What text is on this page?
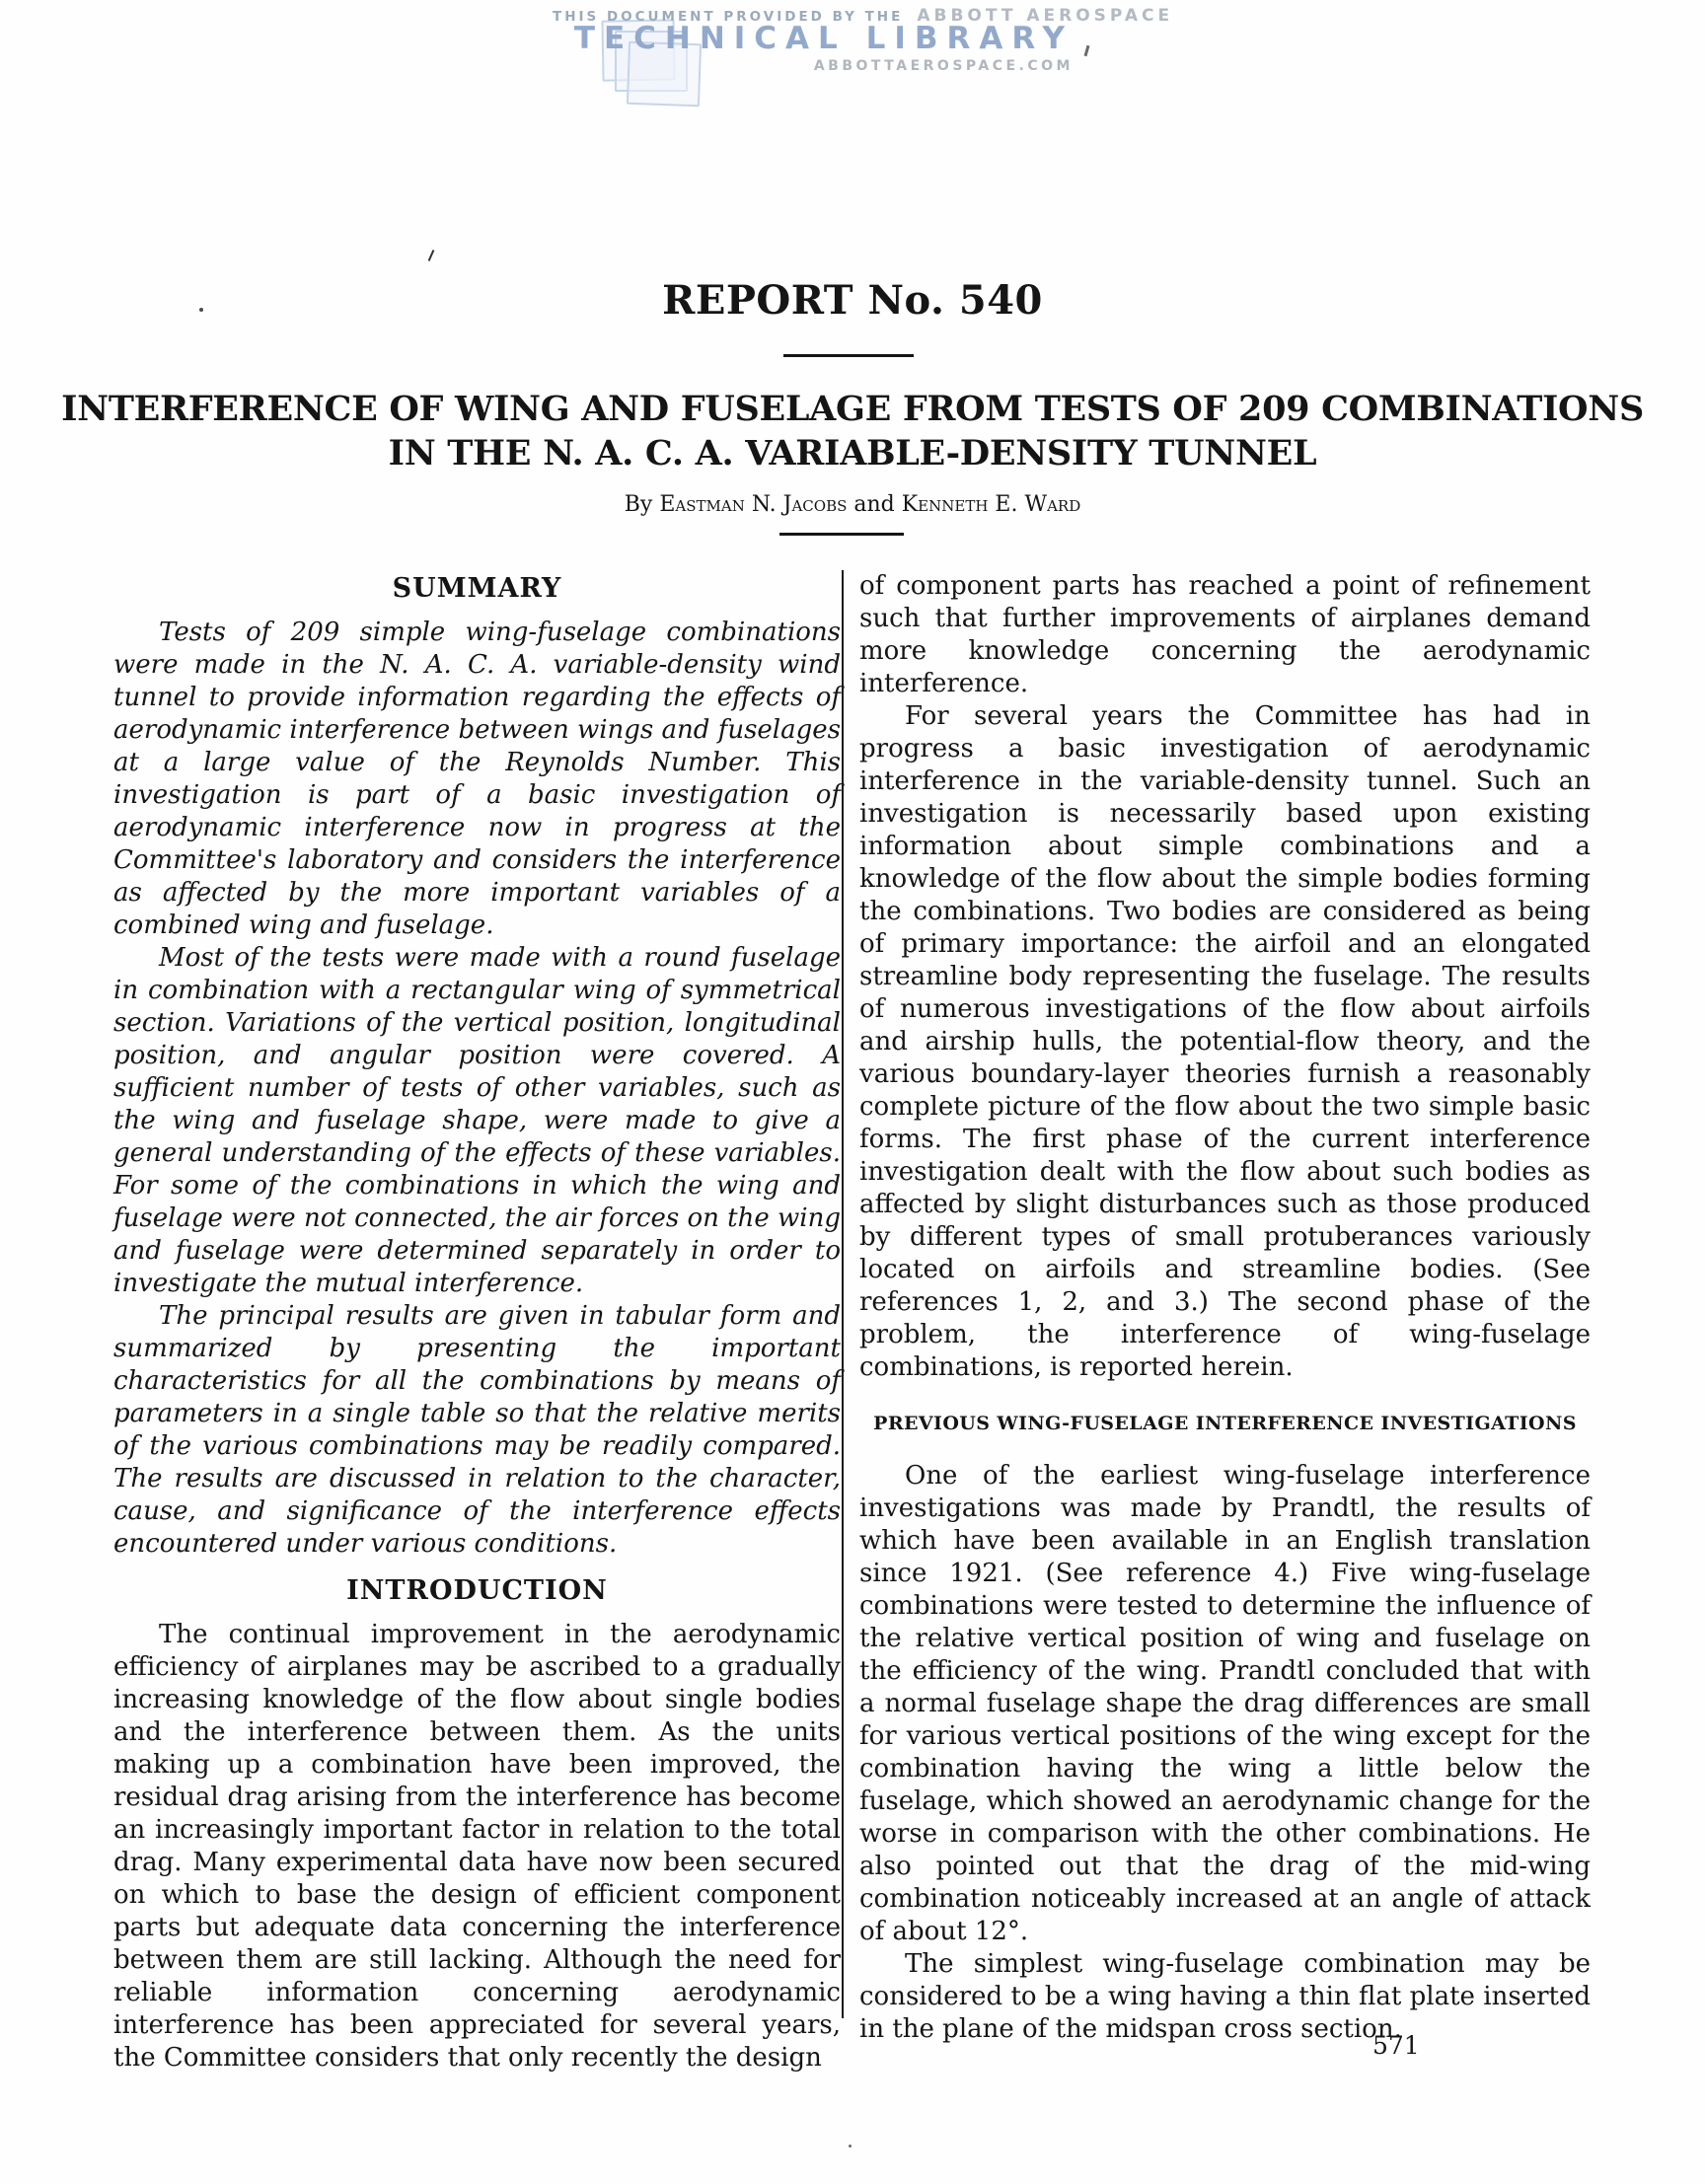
THIS DOCUMENT PROVIDED BY THE ABBOTT AEROSPACE
TECHNICAL LIBRARY
ABBOTTAEROSPACE.COM
REPORT No. 540
INTERFERENCE OF WING AND FUSELAGE FROM TESTS OF 209 COMBINATIONS
IN THE N. A. C. A. VARIABLE-DENSITY TUNNEL
By Eastman N. Jacobs and Kenneth E. Ward
SUMMARY

Tests of 209 simple wing-fuselage combinations were made in the N. A. C. A. variable-density wind tunnel to provide information regarding the effects of aerodynamic interference between wings and fuselages at a large value of the Reynolds Number. This investigation is part of a basic investigation of aerodynamic interference now in progress at the Committee's laboratory and considers the interference as affected by the more important variables of a combined wing and fuselage.

Most of the tests were made with a round fuselage in combination with a rectangular wing of symmetrical section. Variations of the vertical position, longitudinal position, and angular position were covered. A sufficient number of tests of other variables, such as the wing and fuselage shape, were made to give a general understanding of the effects of these variables. For some of the combinations in which the wing and fuselage were not connected, the air forces on the wing and fuselage were determined separately in order to investigate the mutual interference.

The principal results are given in tabular form and summarized by presenting the important characteristics for all the combinations by means of parameters in a single table so that the relative merits of the various combinations may be readily compared. The results are discussed in relation to the character, cause, and significance of the interference effects encountered under various conditions.

INTRODUCTION

The continual improvement in the aerodynamic efficiency of airplanes may be ascribed to a gradually increasing knowledge of the flow about single bodies and the interference between them. As the units making up a combination have been improved, the residual drag arising from the interference has become an increasingly important factor in relation to the total drag. Many experimental data have now been secured on which to base the design of efficient component parts but adequate data concerning the interference between them are still lacking. Although the need for reliable information concerning aerodynamic interference has been appreciated for several years, the Committee considers that only recently the design

of component parts has reached a point of refinement such that further improvements of airplanes demand more knowledge concerning the aerodynamic interference.

For several years the Committee has had in progress a basic investigation of aerodynamic interference in the variable-density tunnel. Such an investigation is necessarily based upon existing information about simple combinations and a knowledge of the flow about the simple bodies forming the combinations. Two bodies are considered as being of primary importance: the airfoil and an elongated streamline body representing the fuselage. The results of numerous investigations of the flow about airfoils and airship hulls, the potential-flow theory, and the various boundary-layer theories furnish a reasonably complete picture of the flow about the two simple basic forms. The first phase of the current interference investigation dealt with the flow about such bodies as affected by slight disturbances such as those produced by different types of small protuberances variously located on airfoils and streamline bodies. (See references 1, 2, and 3.) The second phase of the problem, the interference of wing-fuselage combinations, is reported herein.

PREVIOUS WING-FUSELAGE INTERFERENCE INVESTIGATIONS

One of the earliest wing-fuselage interference investigations was made by Prandtl, the results of which have been available in an English translation since 1921. (See reference 4.) Five wing-fuselage combinations were tested to determine the influence of the relative vertical position of wing and fuselage on the efficiency of the wing. Prandtl concluded that with a normal fuselage shape the drag differences are small for various vertical positions of the wing except for the combination having the wing a little below the fuselage, which showed an aerodynamic change for the worse in comparison with the other combinations. He also pointed out that the drag of the mid-wing combination noticeably increased at an angle of attack of about 12°.

The simplest wing-fuselage combination may be considered to be a wing having a thin flat plate inserted in the plane of the midspan cross section.

571
